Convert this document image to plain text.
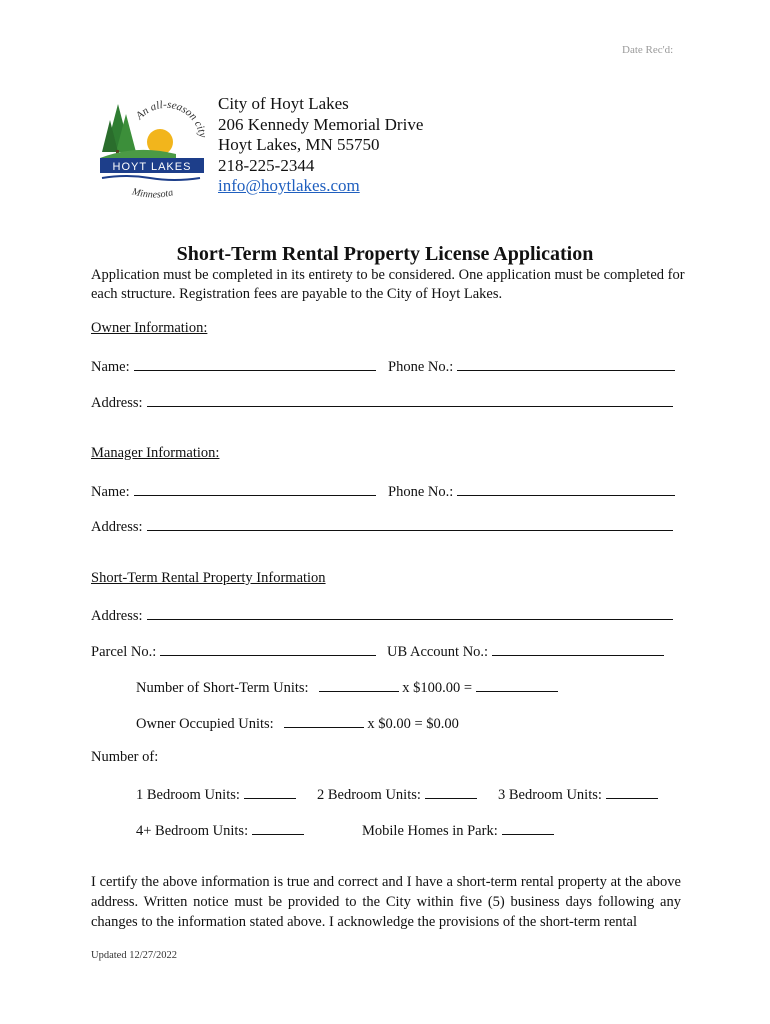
Date Rec'd:
HOYT LAKES
An all-season city
Minnesota
City of Hoyt Lakes
206 Kennedy Memorial Drive
Hoyt Lakes, MN 55750
218-225-2344
info@hoytlakes.com
Short-Term Rental Property License Application
Application must be completed in its entirety to be considered. One application must be completed for each structure. Registration fees are payable to the City of Hoyt Lakes.
Owner Information:
Name:	Phone No.:
Address:
Manager Information:
Name:	Phone No.:
Address:
Short-Term Rental Property Information
Address:
Parcel No.:	UB Account No.:
Number of Short-Term Units:	x $100.00 =
Owner Occupied Units:	x $0.00 = $0.00
Number of:
1 Bedroom Units:	2 Bedroom Units:	3 Bedroom Units:
4+ Bedroom Units:	Mobile Homes in Park:
I certify the above information is true and correct and I have a short-term rental property at the above address. Written notice must be provided to the City within five (5) business days following any changes to the information stated above. I acknowledge the provisions of the short-term rental
Updated 12/27/2022
